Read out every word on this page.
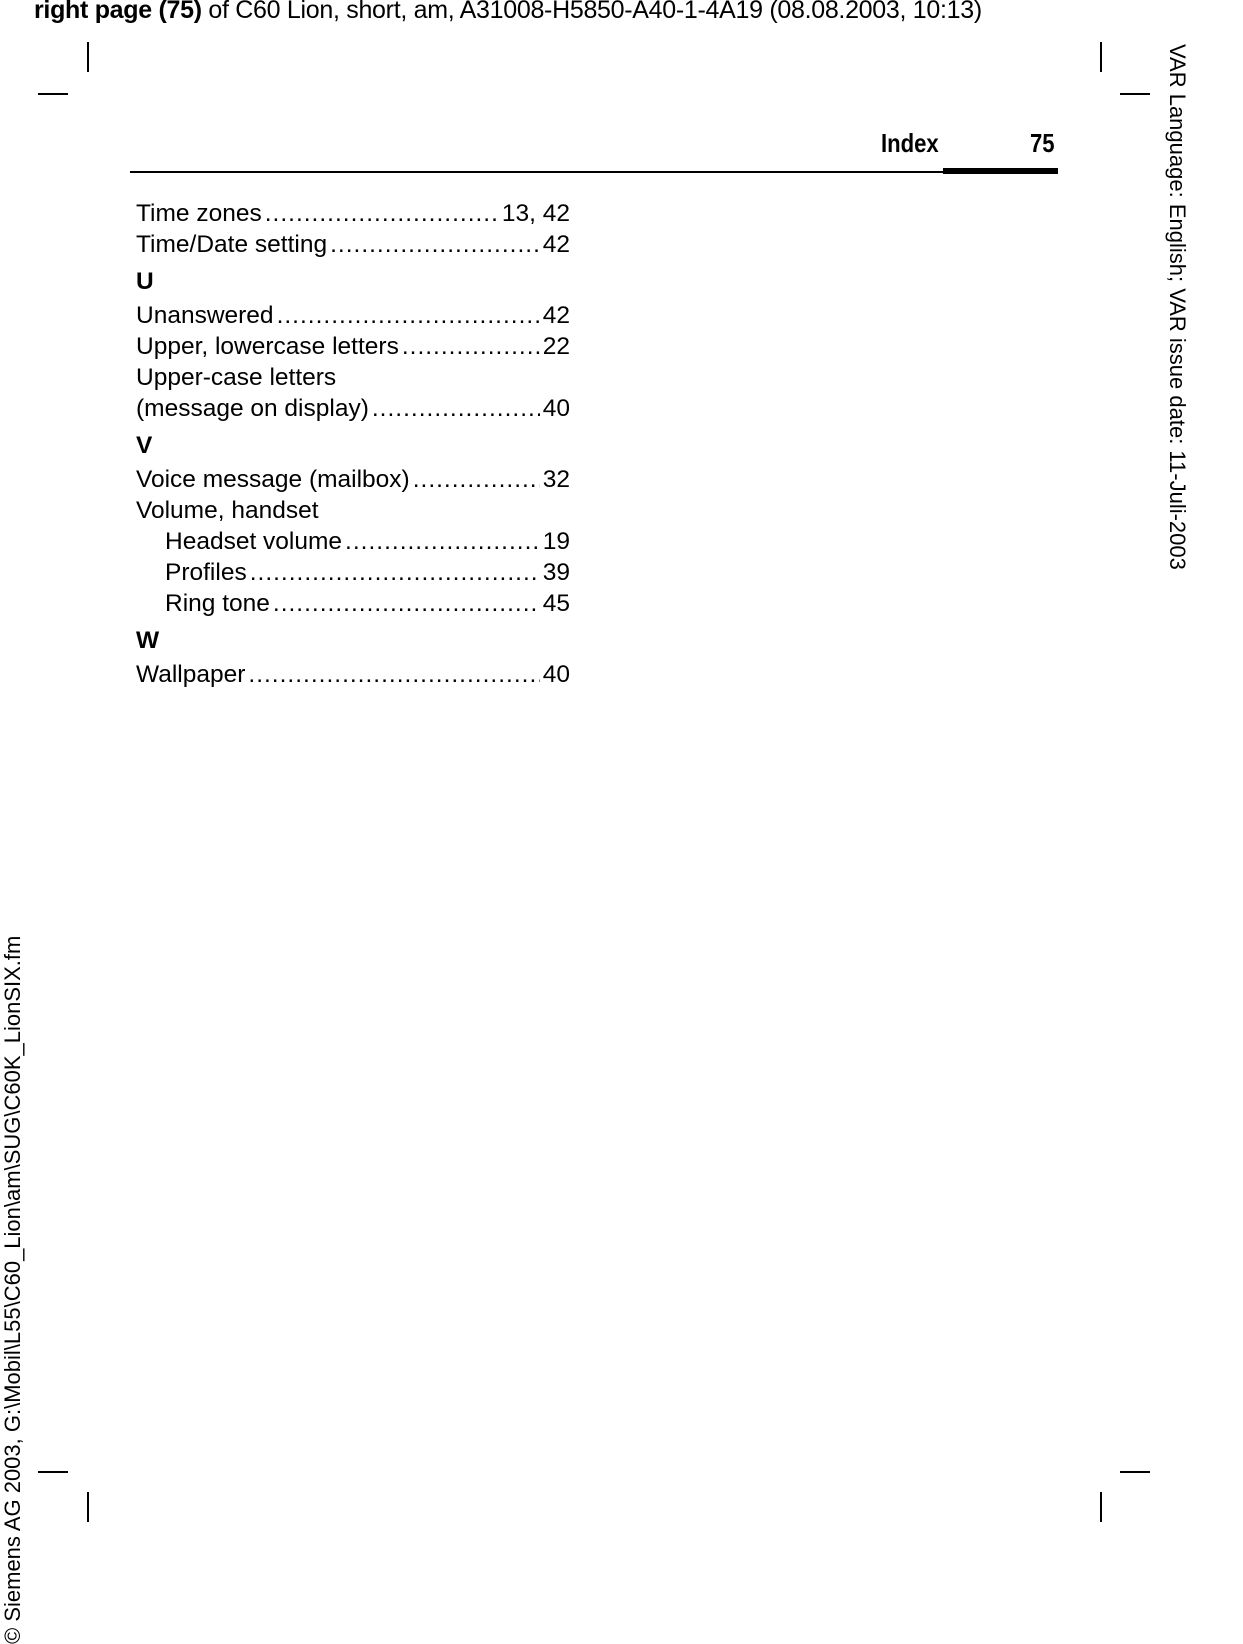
right page (75) of C60 Lion, short, am, A31008-H5850-A40-1-4A19 (08.08.2003, 10:13)
Index	75
Time zones .....	13, 42
Time/Date setting .....	42
U
Unanswered .....	42
Upper, lowercase letters .....	22
Upper-case letters
(message on display) .....	40
V
Voice message (mailbox) .....	32
Volume, handset
Headset volume .....	19
Profiles .....	39
Ring tone .....	45
W
Wallpaper .....	40
VAR Language: English; VAR issue date: 11-Juli-2003
© Siemens AG 2003, G:\Mobil\L55\C60_Lion\am\SUG\C60K_LionSIX.fm
